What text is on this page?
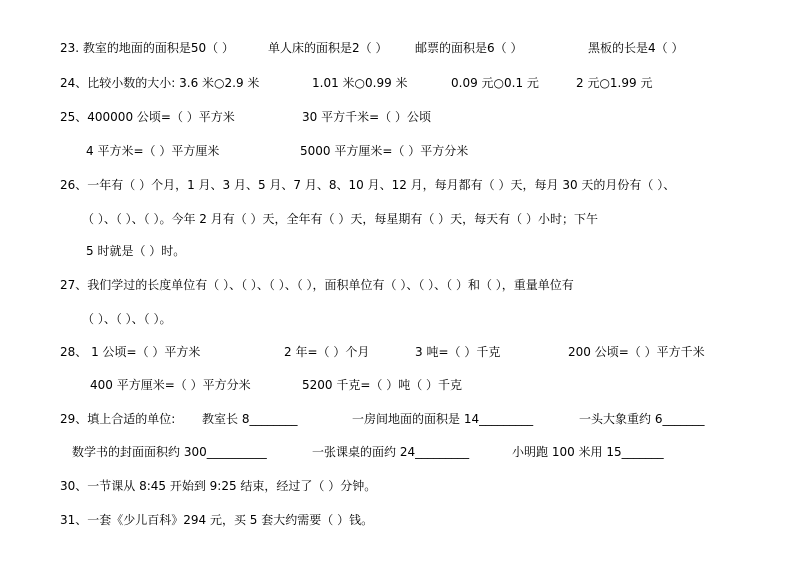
23. 教室的地面的面积是50（ ）	单人床的面积是2（ ） 邮票的面积是6（ ）	黑板的长是4（ ）
24、比较小数的大小: 3.6 米○2.9 米	1.01 米○0.99 米	0.09 元○0.1 元	2 元○1.99 元
25、400000 公顷=（ ）平方米	30 平方千米=（ ）公顷
4 平方米=（ ）平方厘米	5000 平方厘米=（ ）平方分米
26、一年有（ ）个月，1 月、3 月、5 月、7 月、8、10 月、12 月，每月都有（ ）天，每月 30 天的月份有（ ）、
（ ）、（ ）、（ ）。今年 2 月有（ ）天，全年有（ ）天，每星期有（ ）天，每天有（ ）小时；下午
5 时就是（ ）时。
27、我们学过的长度单位有（ ）、（ ）、（ ）、（ ），面积单位有（ ）、（ ）、（ ）和（ ），重量单位有
（ ）、（ ）、（ ）。
28、 1 公顷=（ ）平方米	2 年=（ ）个月	3 吨=（ ）千克	200 公顷=（ ）平方千米
400 平方厘米=（ ）平方分米	5200 千克=（ ）吨（ ）千克
29、填上合适的单位: 教室长 8________	一房间地面的面积是 14_________	一头大象重约 6_______
数学书的封面面积约 300__________	一张课桌的面约 24_________	小明跑 100 米用 15_______
30、一节课从 8:45 开始到 9:25 结束，经过了（ ）分钟。
31、一套《少儿百科》294 元，买 5 套大约需要（ ）钱。
